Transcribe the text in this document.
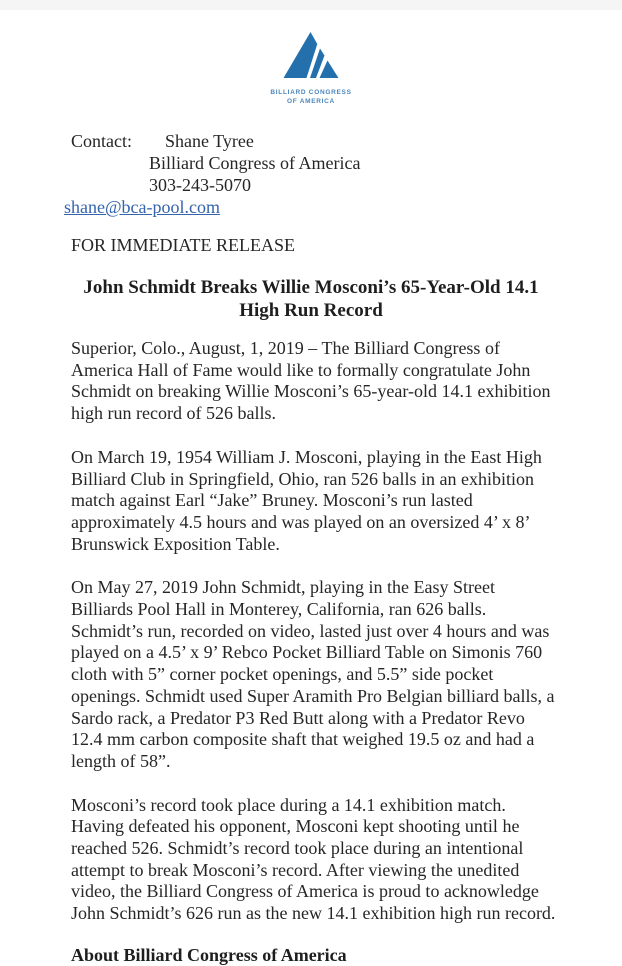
BILLIARD CONGRESS
OF AMERICA
Contact: Shane Tyree
Billiard Congress of America
303-243-5070
shane@bca-pool.com
FOR IMMEDIATE RELEASE
John Schmidt Breaks Willie Mosconi’s 65-Year-Old 14.1
High Run Record

Superior, Colo., August, 1, 2019 – The Billiard Congress of America Hall of Fame would like to formally congratulate John Schmidt on breaking Willie Mosconi’s 65-year-old 14.1 exhibition high run record of 526 balls.

On March 19, 1954 William J. Mosconi, playing in the East High Billiard Club in Springfield, Ohio, ran 526 balls in an exhibition match against Earl “Jake” Bruney. Mosconi’s run lasted approximately 4.5 hours and was played on an oversized 4’ x 8’ Brunswick Exposition Table.

On May 27, 2019 John Schmidt, playing in the Easy Street Billiards Pool Hall in Monterey, California, ran 626 balls. Schmidt’s run, recorded on video, lasted just over 4 hours and was played on a 4.5’ x 9’ Rebco Pocket Billiard Table on Simonis 760 cloth with 5” corner pocket openings, and 5.5” side pocket openings. Schmidt used Super Aramith Pro Belgian billiard balls, a Sardo rack, a Predator P3 Red Butt along with a Predator Revo 12.4 mm carbon composite shaft that weighed 19.5 oz and had a length of 58”.

Mosconi’s record took place during a 14.1 exhibition match. Having defeated his opponent, Mosconi kept shooting until he reached 526. Schmidt’s record took place during an intentional attempt to break Mosconi’s record. After viewing the unedited video, the Billiard Congress of America is proud to acknowledge John Schmidt’s 626 run as the new 14.1 exhibition high run record.

About Billiard Congress of America
